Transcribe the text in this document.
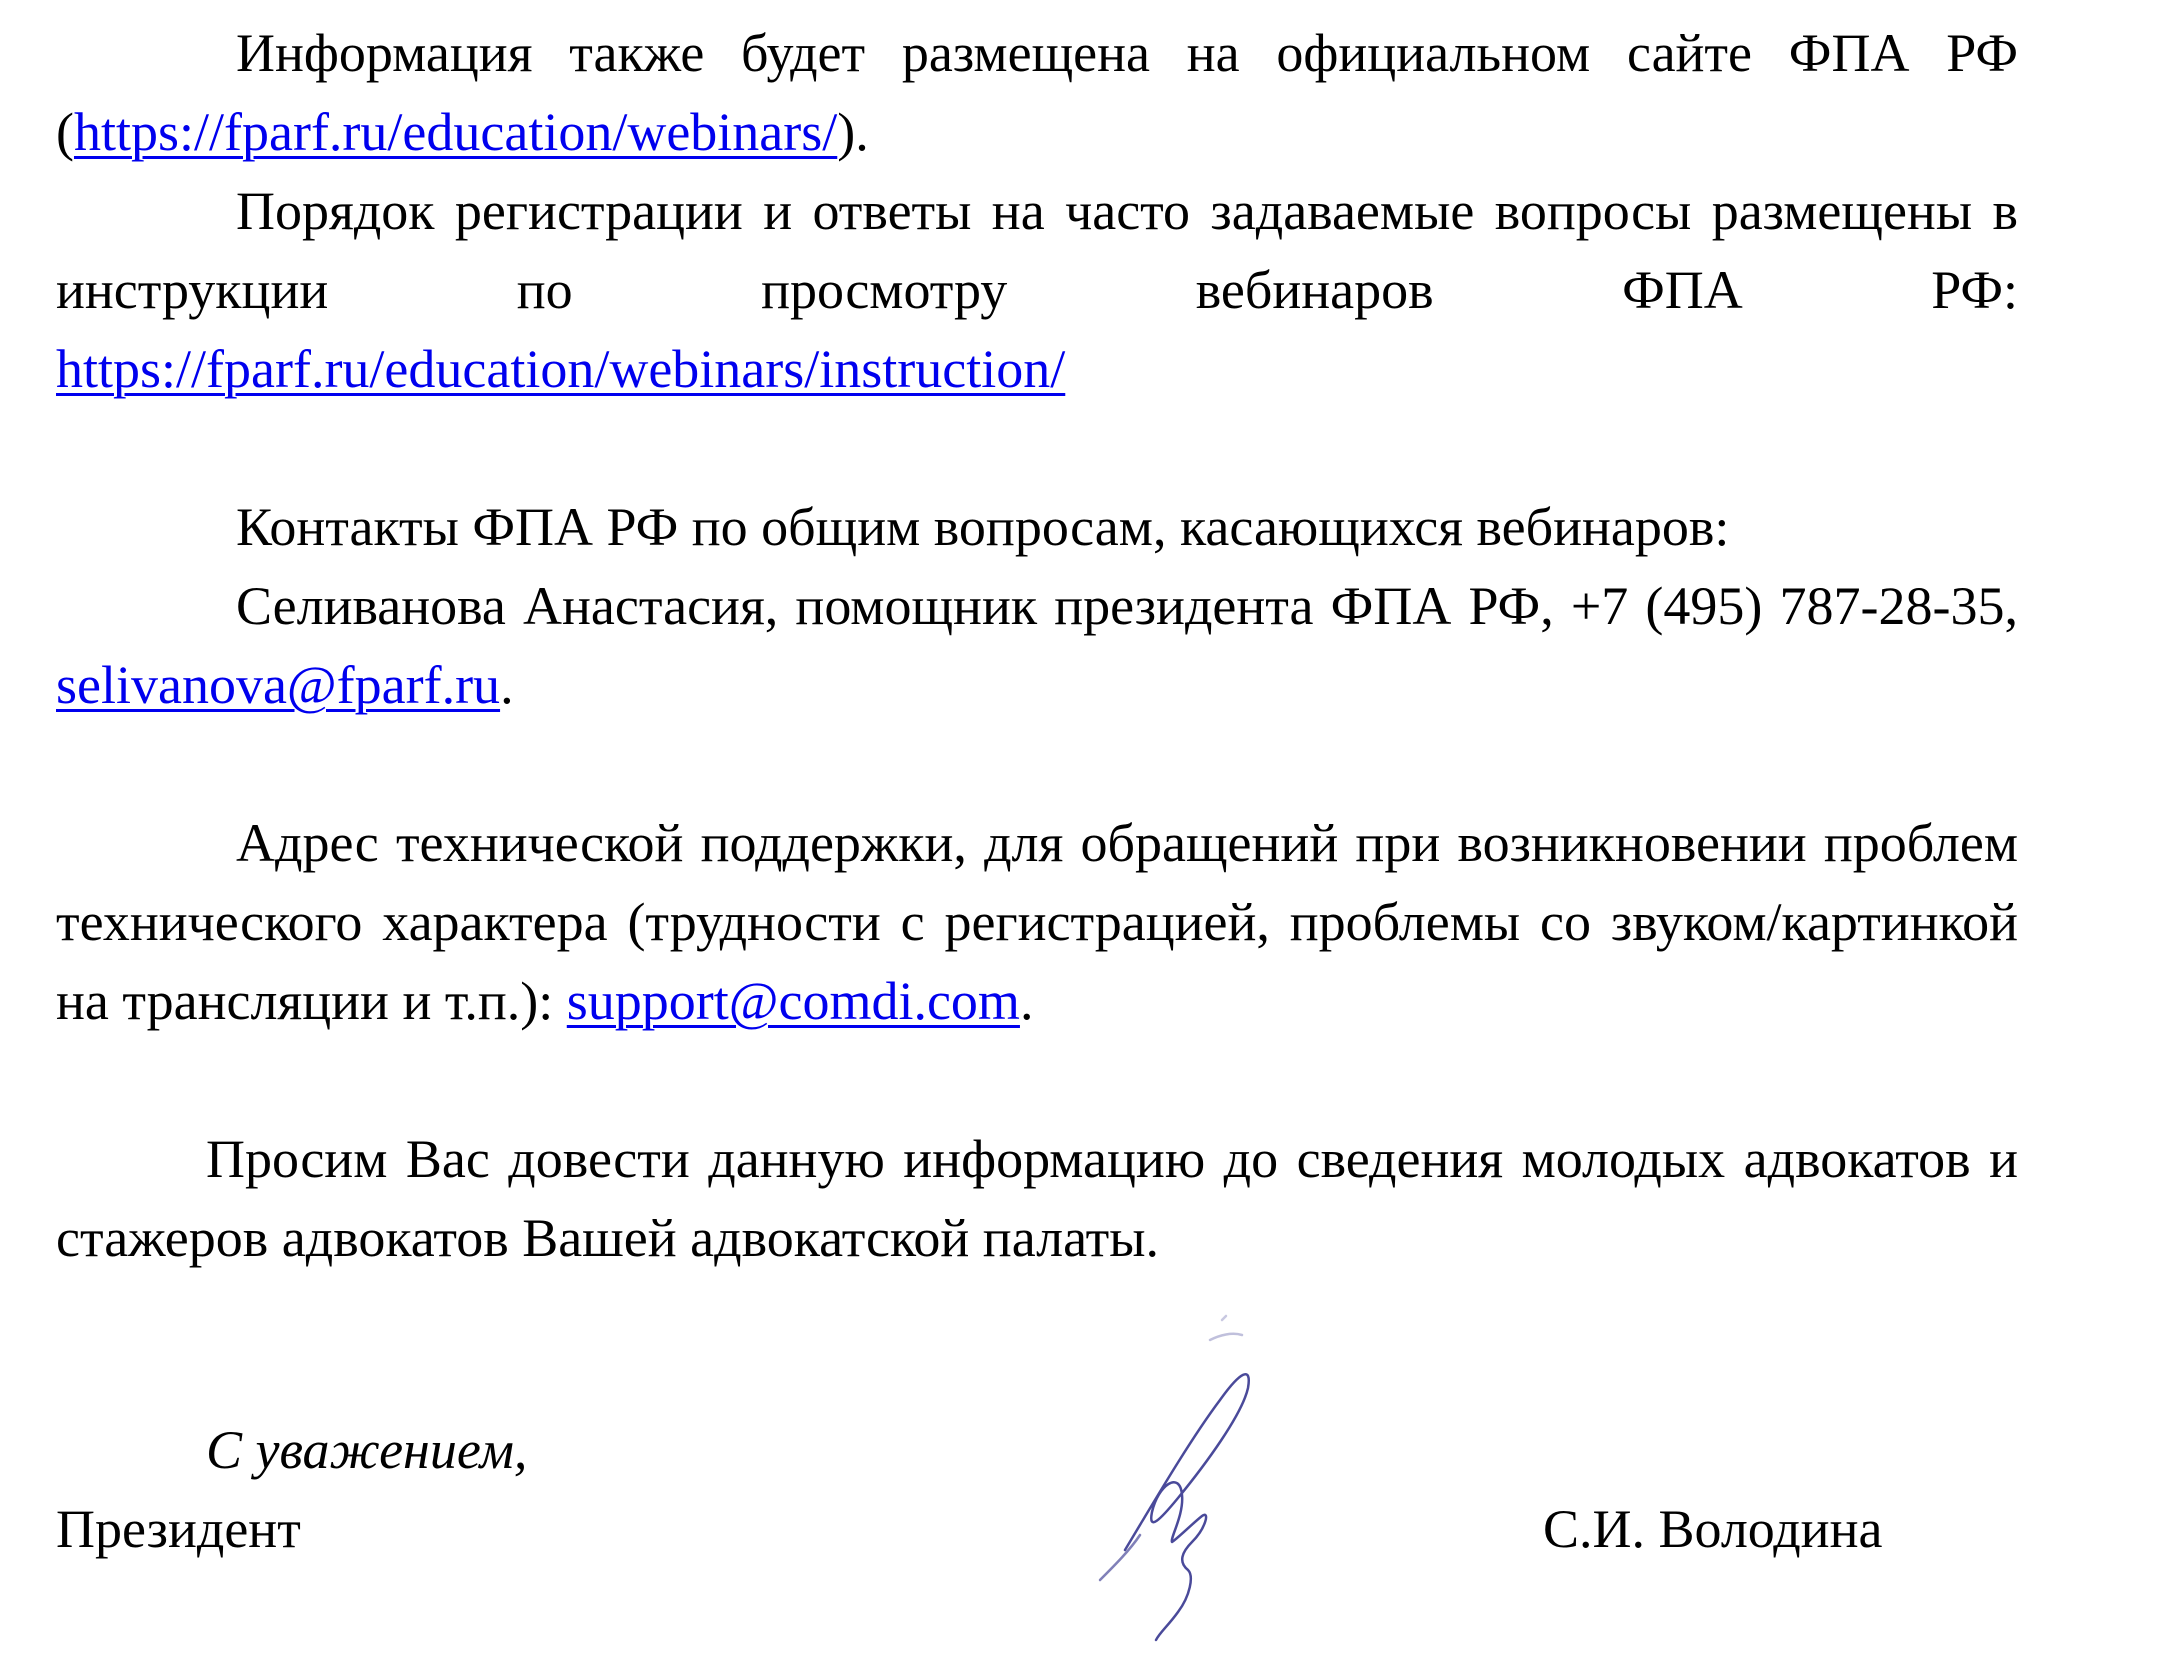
Информация также будет размещена на официальном сайте ФПА РФ (https://fparf.ru/education/webinars/).

Порядок регистрации и ответы на часто задаваемые вопросы размещены в инструкции по просмотру вебинаров ФПА РФ: https://fparf.ru/education/webinars/instruction/

Контакты ФПА РФ по общим вопросам, касающихся вебинаров:

Селиванова Анастасия, помощник президента ФПА РФ, +7 (495) 787-28-35, selivanova@fparf.ru.

Адрес технической поддержки, для обращений при возникновении проблем технического характера (трудности с регистрацией, проблемы со звуком/картинкой на трансляции и т.п.): support@comdi.com.

Просим Вас довести данную информацию до сведения молодых адвокатов и стажеров адвокатов Вашей адвокатской палаты.

С уважением,
Президент	С.И. Володина
